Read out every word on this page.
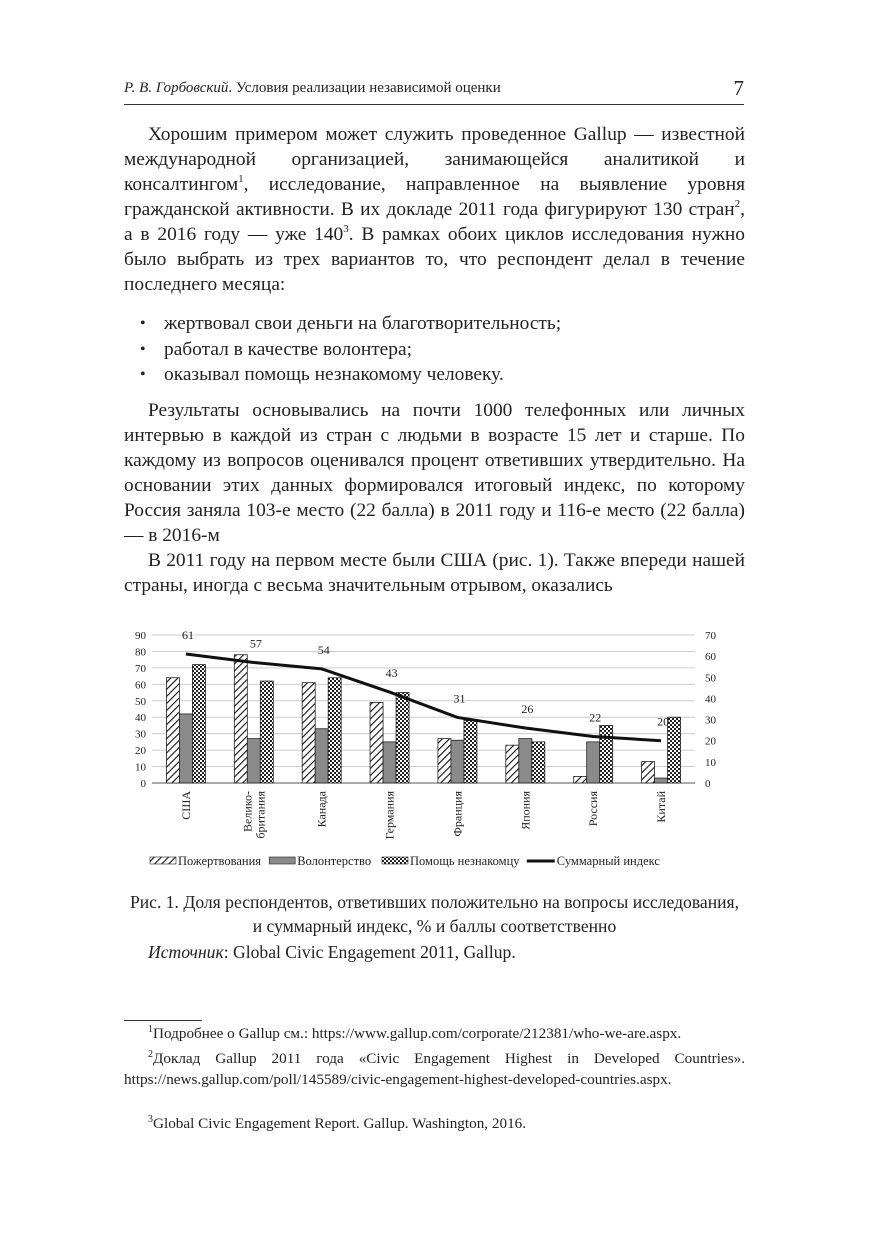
Р. В. Горбовский. Условия реализации независимой оценки	7

Хорошим примером может служить проведенное Gallup — известной международной организацией, занимающейся аналитикой и консалтингом$^1$, исследование, направленное на выявление уровня гражданской активности. В их докладе 2011 года фигурируют 130 стран$^2$, а в 2016 году — уже $140^3$. В рамках обоих циклов исследования нужно было выбрать из трех вариантов то, что респондент делал в течение последнего месяца:

• жертвовал свои деньги на благотворительность;
• работал в качестве волонтера;
• оказывал помощь незнакомому человеку.

Результаты основывались на почти 1000 телефонных или личных интервью в каждой из стран с людьми в возрасте 15 лет и старше. По каждому из вопросов оценивался процент ответивших утвердительно. На основании этих данных формировался итоговый индекс, по которому Россия заняла 103-е место (22 балла) в 2011 году и 116-е место (22 балла) — в 2016-м

В 2011 году на первом месте были США (рис. 1). Также впереди нашей страны, иногда с весьма значительным отрывом, оказались

0
10
20
30
40
50
60
70
80
90
0
10
20
30
40
50
60
70
США	Велико- британия	Канада	Германия	Франция	Япония	Россия	Китай
61
57	54
43
31
26
22	20
Пожертвования	Волонтерство	Помощь незнакомцу	Суммарный индекс
Рис. 1. Доля респондентов, ответивших положительно на вопросы исследования, и суммарный индекс, % и баллы соответственно
Источник: Global Civic Engagement 2011, Gallup.
$^1$Подробнее о Gallup см.: https://www.gallup.com/corporate/212381/who-we-are.aspx.
$^2$Доклад Gallup 2011 года «Civic Engagement Highest in Developed Countries». https://news.gallup.com/poll/145589/civic-engagement-highest-developed-countries.aspx.
$^3$Global Civic Engagement Report. Gallup. Washington, 2016.
